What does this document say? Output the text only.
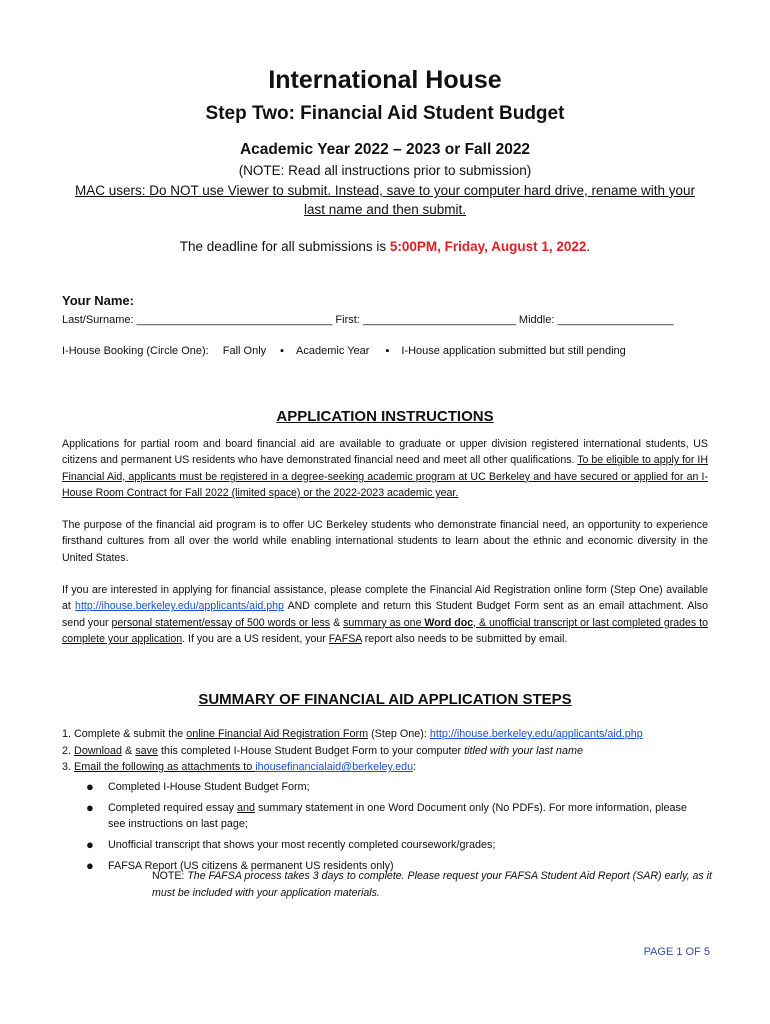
International House
Step Two: Financial Aid Student Budget
Academic Year 2022 – 2023 or Fall 2022
(NOTE: Read all instructions prior to submission)
MAC users: Do NOT use Viewer to submit. Instead, save to your computer hard drive, rename with your
last name and then submit.
The deadline for all submissions is 5:00PM, Friday, August 1, 2022.
Your Name:
Last/Surname: ________________________________ First: _________________________ Middle: ___________________
I-House Booking (Circle One): Fall Only ▪ Academic Year ▪ I-House application submitted but still pending
APPLICATION INSTRUCTIONS
Applications for partial room and board financial aid are available to graduate or upper division registered international students, US citizens and permanent US residents who have demonstrated financial need and meet all other qualifications. To be eligible to apply for IH Financial Aid, applicants must be registered in a degree-seeking academic program at UC Berkeley and have secured or applied for an I-House Room Contract for Fall 2022 (limited space) or the 2022-2023 academic year.
The purpose of the financial aid program is to offer UC Berkeley students who demonstrate financial need, an opportunity to experience firsthand cultures from all over the world while enabling international students to learn about the ethnic and economic diversity in the United States.
If you are interested in applying for financial assistance, please complete the Financial Aid Registration online form (Step One) available at http://ihouse.berkeley.edu/applicants/aid.php AND complete and return this Student Budget Form sent as an email attachment. Also send your personal statement/essay of 500 words or less & summary as one Word doc, & unofficial transcript or last completed grades to complete your application. If you are a US resident, your FAFSA report also needs to be submitted by email.
SUMMARY OF FINANCIAL AID APPLICATION STEPS
1. Complete & submit the online Financial Aid Registration Form (Step One): http://ihouse.berkeley.edu/applicants/aid.php
2. Download & save this completed I-House Student Budget Form to your computer titled with your last name
3. Email the following as attachments to ihousefinancialaid@berkeley.edu:
●	Completed I-House Student Budget Form;
●	Completed required essay and summary statement in one Word Document only (No PDFs). For more information, please see instructions on last page;
●	Unofficial transcript that shows your most recently completed coursework/grades;
●	FAFSA Report (US citizens & permanent US residents only)
NOTE: The FAFSA process takes 3 days to complete. Please request your FAFSA Student Aid Report (SAR) early, as it must be included with your application materials.
PAGE 1 OF 5
